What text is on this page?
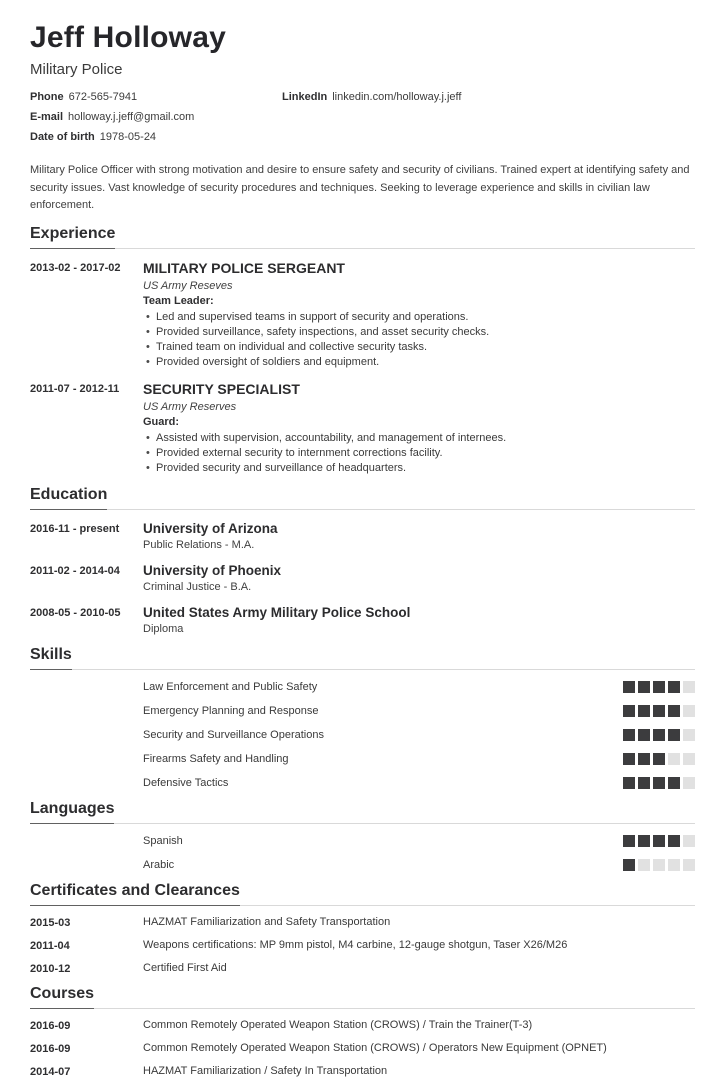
Jeff Holloway
Military Police
Phone 672-565-7941
E-mail holloway.j.jeff@gmail.com
Date of birth 1978-05-24
LinkedIn linkedin.com/holloway.j.jeff

Military Police Officer with strong motivation and desire to ensure safety and security of civilians. Trained expert at identifying safety and security issues. Vast knowledge of security procedures and techniques. Seeking to leverage experience and skills in civilian law enforcement.

Experience
2013-02 - 2017-02	MILITARY POLICE SERGEANT
US Army Reseves
Team Leader:
• Led and supervised teams in support of security and operations.
• Provided surveillance, safety inspections, and asset security checks.
• Trained team on individual and collective security tasks.
• Provided oversight of soldiers and equipment.
2011-07 - 2012-11	SECURITY SPECIALIST
US Army Reserves
Guard:
• Assisted with supervision, accountability, and management of internees.
• Provided external security to internment corrections facility.
• Provided security and surveillance of headquarters.
Education
2016-11 - present	University of Arizona
Public Relations - M.A.
2011-02 - 2014-04	University of Phoenix
Criminal Justice - B.A.
2008-05 - 2010-05	United States Army Military Police School
Diploma
Skills
Law Enforcement and Public Safety
Emergency Planning and Response
Security and Surveillance Operations
Firearms Safety and Handling
Defensive Tactics
Languages
Spanish
Arabic
Certificates and Clearances
2015-03	HAZMAT Familiarization and Safety Transportation
2011-04	Weapons certifications: MP 9mm pistol, M4 carbine, 12-gauge shotgun, Taser X26/M26
2010-12	Certified First Aid
Courses
2016-09	Common Remotely Operated Weapon Station (CROWS) / Train the Trainer(T-3)
2016-09	Common Remotely Operated Weapon Station (CROWS) / Operators New Equipment (OPNET)
2014-07	HAZMAT Familiarization / Safety In Transportation
